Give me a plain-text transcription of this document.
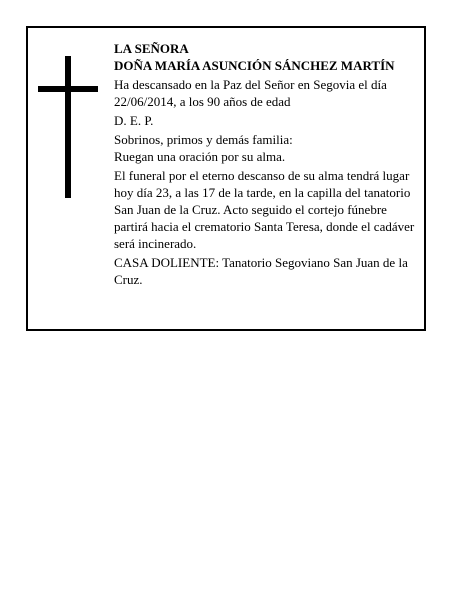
LA SEÑORA
DOÑA MARÍA ASUNCIÓN SÁNCHEZ MARTÍN
Ha descansado en la Paz del Señor en Segovia el día 22/06/2014, a los 90 años de edad
D. E. P.
Sobrinos, primos y demás familia:
Ruegan una oración por su alma.
El funeral por el eterno descanso de su alma tendrá lugar hoy día 23, a las 17 de la tarde, en la capilla del tanatorio San Juan de la Cruz. Acto seguido el cortejo fúnebre partirá hacia el crematorio Santa Teresa, donde el cadáver será incinerado.
CASA DOLIENTE: Tanatorio Segoviano San Juan de la Cruz.
